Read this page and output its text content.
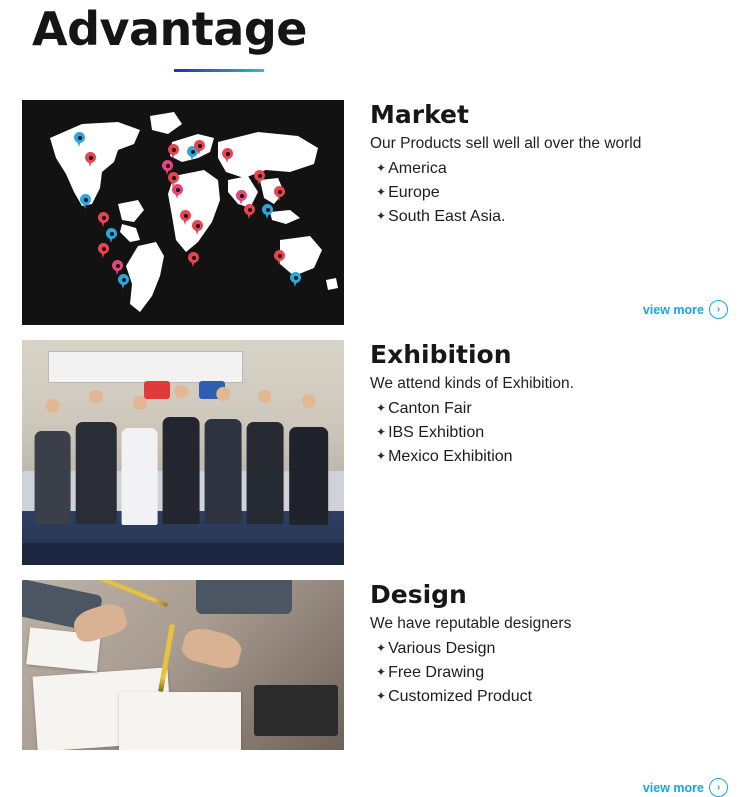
Advantage
Market

Our Products sell well all over the world

✦ America
✦ Europe
✦ South East Asia.
view more	›
Exhibition

We attend kinds of Exhibition.

✦ Canton Fair
✦ IBS Exhibtion
✦ Mexico Exhibition
view more	›
Design

We have reputable designers

✦ Various Design
✦ Free Drawing
✦ Customized Product
